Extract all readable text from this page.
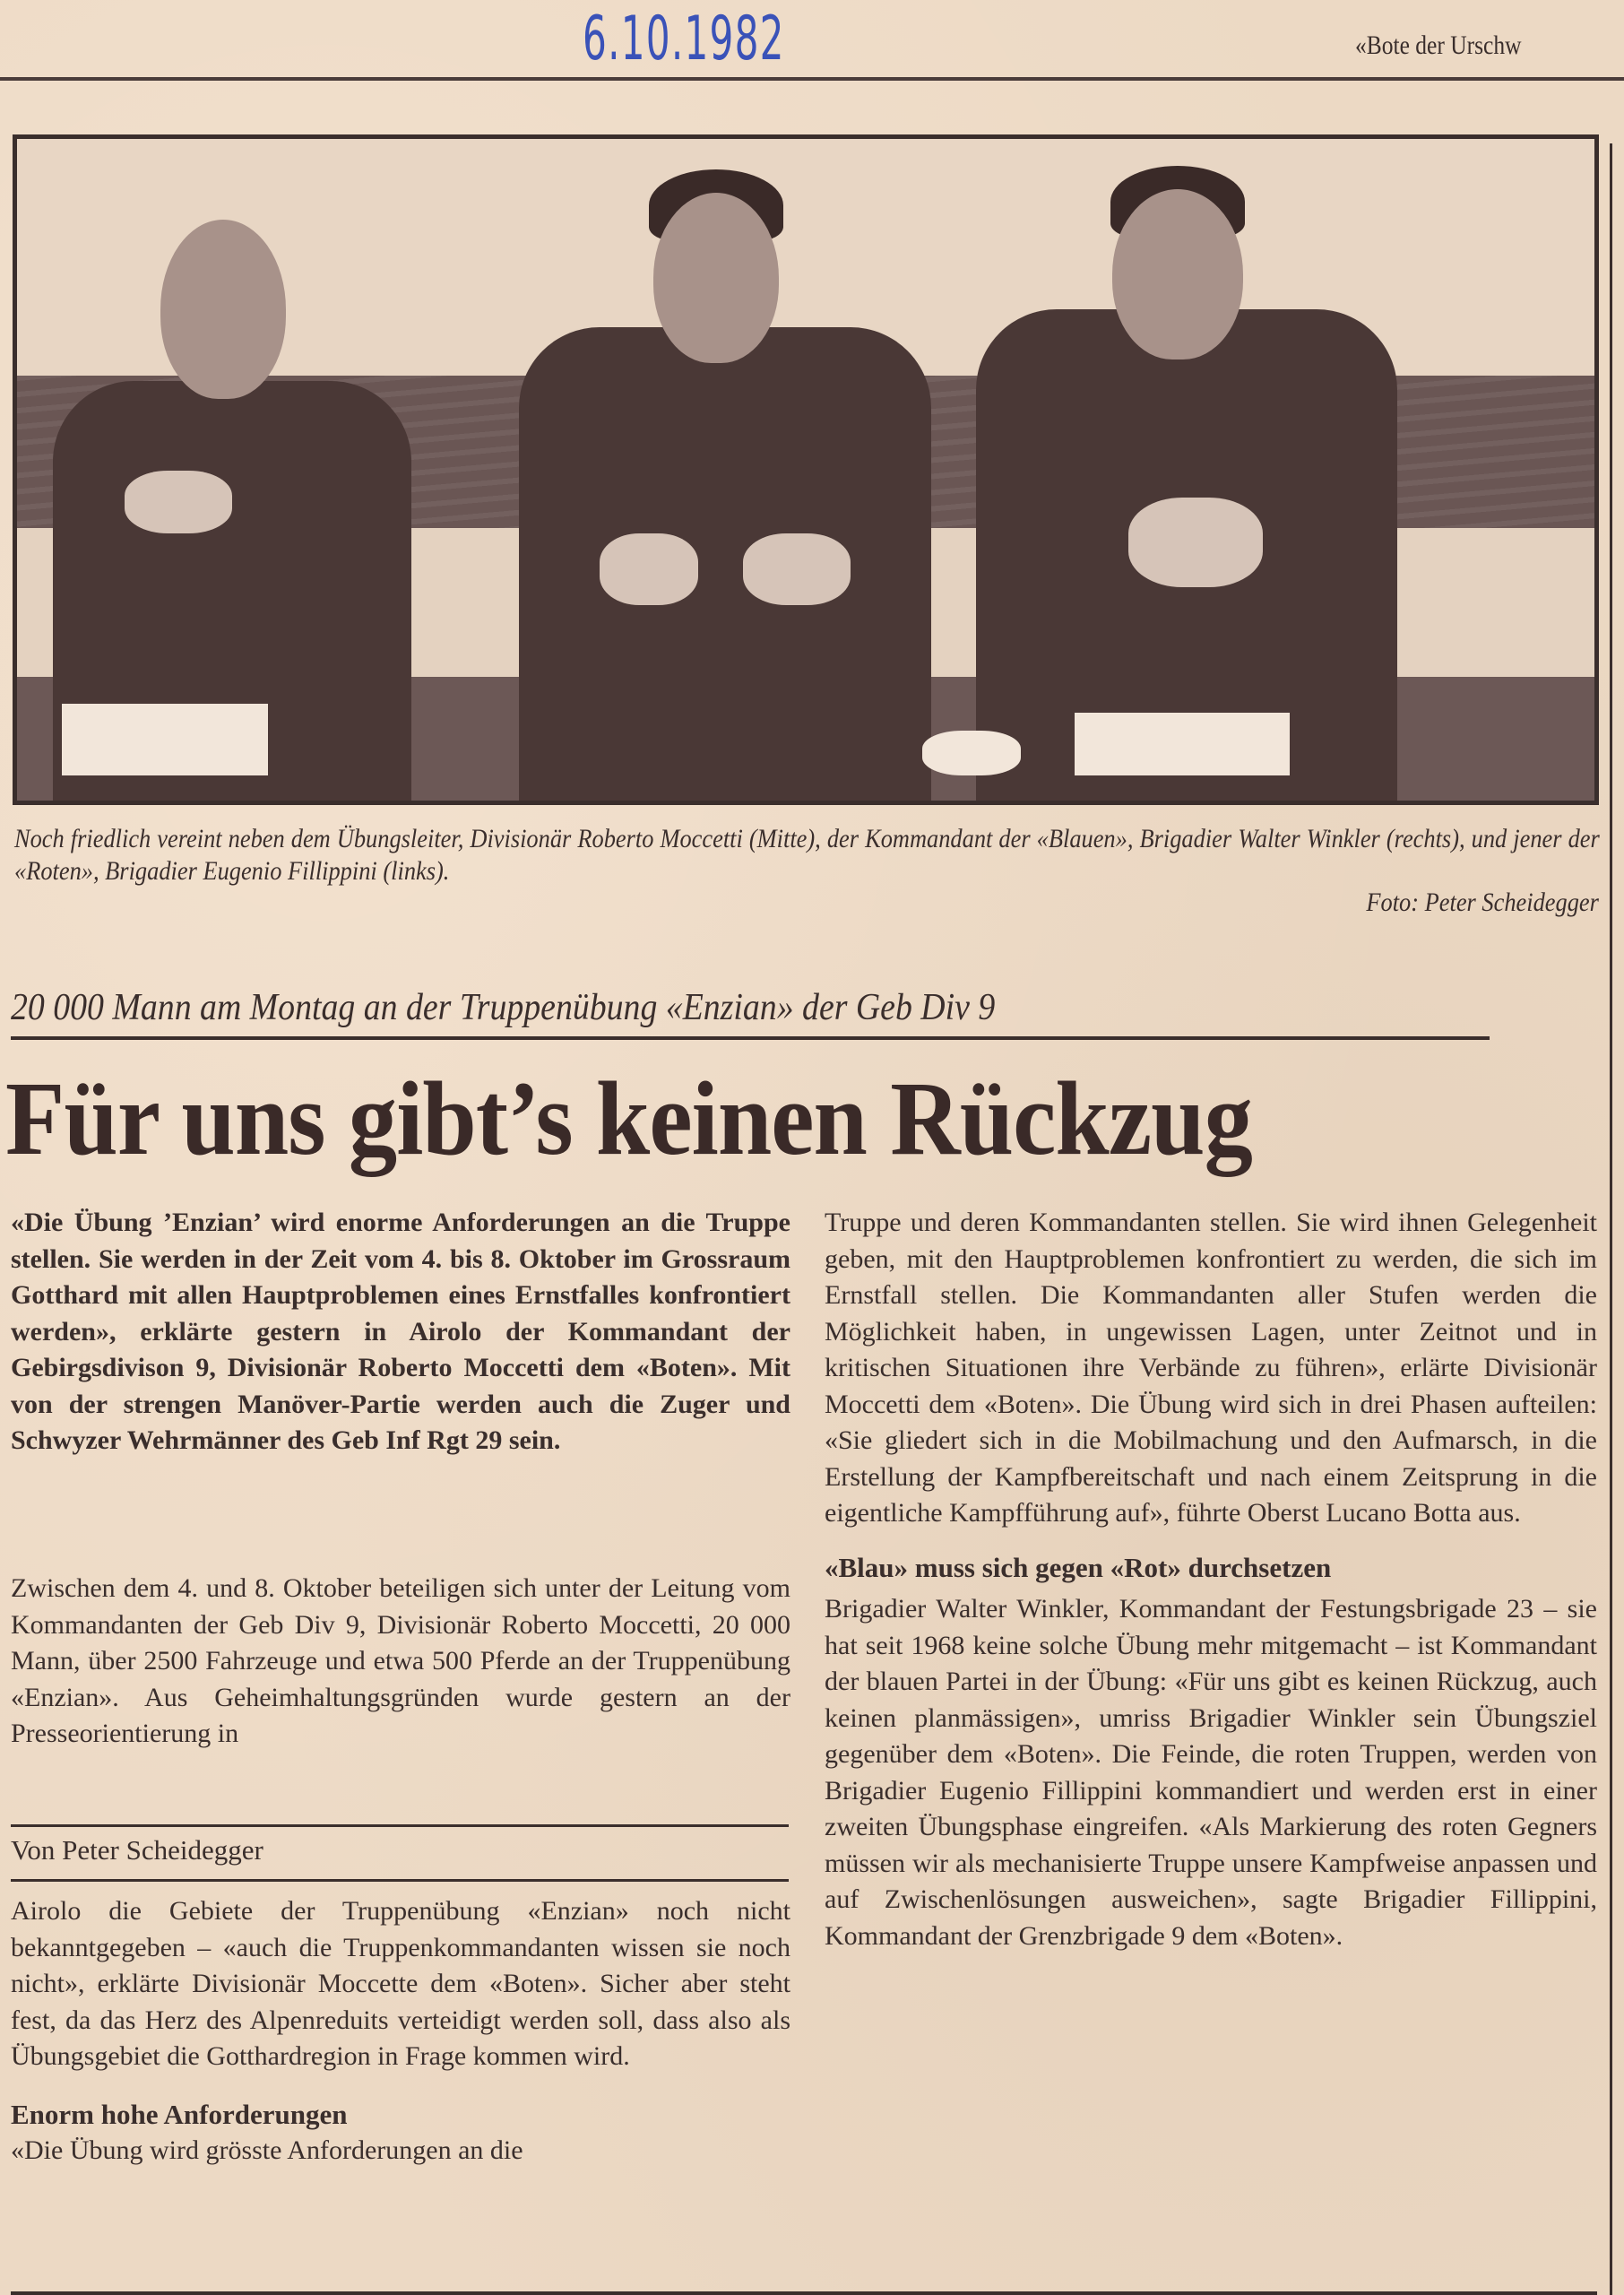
6.10.1982	«Bote der Urschw
Noch friedlich vereint neben dem Übungsleiter, Divisionär Roberto Moccetti (Mitte), der Kommandant der «Blauen», Brigadier Walter Winkler (rechts), und jener der «Roten», Brigadier Eugenio Fillippini (links).
Foto: Peter Scheidegger
20 000 Mann am Montag an der Truppenübung «Enzian» der Geb Div 9
Für uns gibt’s keinen Rückzug

«Die Übung ’Enzian’ wird enorme Anforderungen an die Truppe stellen. Sie werden in der Zeit vom 4. bis 8. Oktober im Grossraum Gotthard mit allen Hauptproblemen eines Ernstfalles konfrontiert werden», erklärte gestern in Airolo der Kommandant der Gebirgsdivison 9, Divisionär Roberto Moccetti dem «Boten». Mit von der strengen Manöver-Partie werden auch die Zuger und Schwyzer Wehrmänner des Geb Inf Rgt 29 sein.

Zwischen dem 4. und 8. Oktober beteiligen sich unter der Leitung vom Kommandanten der Geb Div 9, Divisionär Roberto Moccetti, 20 000 Mann, über 2500 Fahrzeuge und etwa 500 Pferde an der Truppenübung «Enzian». Aus Geheimhaltungsgründen wurde gestern an der Presseorientierung in

Von Peter Scheidegger

Airolo die Gebiete der Truppenübung «Enzian» noch nicht bekanntgegeben – «auch die Truppenkommandanten wissen sie noch nicht», erklärte Divisionär Moccette dem «Boten». Sicher aber steht fest, da das Herz des Alpenreduits verteidigt werden soll, dass also als Übungsgebiet die Gotthardregion in Frage kommen wird.

Enorm hohe Anforderungen

«Die Übung wird grösste Anforderungen an die

Truppe und deren Kommandanten stellen. Sie wird ihnen Gelegenheit geben, mit den Hauptproblemen konfrontiert zu werden, die sich im Ernstfall stellen. Die Kommandanten aller Stufen werden die Möglichkeit haben, in ungewissen Lagen, unter Zeitnot und in kritischen Situationen ihre Verbände zu führen», erlärte Divisionär Moccetti dem «Boten». Die Übung wird sich in drei Phasen aufteilen: «Sie gliedert sich in die Mobilmachung und den Aufmarsch, in die Erstellung der Kampfbereitschaft und nach einem Zeitsprung in die eigentliche Kampfführung auf», führte Oberst Lucano Botta aus.

«Blau» muss sich gegen «Rot» durchsetzen

Brigadier Walter Winkler, Kommandant der Festungsbrigade 23 – sie hat seit 1968 keine solche Übung mehr mitgemacht – ist Kommandant der blauen Partei in der Übung: «Für uns gibt es keinen Rückzug, auch keinen planmässigen», umriss Brigadier Winkler sein Übungsziel gegenüber dem «Boten». Die Feinde, die roten Truppen, werden von Brigadier Eugenio Fillippini kommandiert und werden erst in einer zweiten Übungsphase eingreifen. «Als Markierung des roten Gegners müssen wir als mechanisierte Truppe unsere Kampfweise anpassen und auf Zwischenlösungen ausweichen», sagte Brigadier Fillippini, Kommandant der Grenzbrigade 9 dem «Boten».
